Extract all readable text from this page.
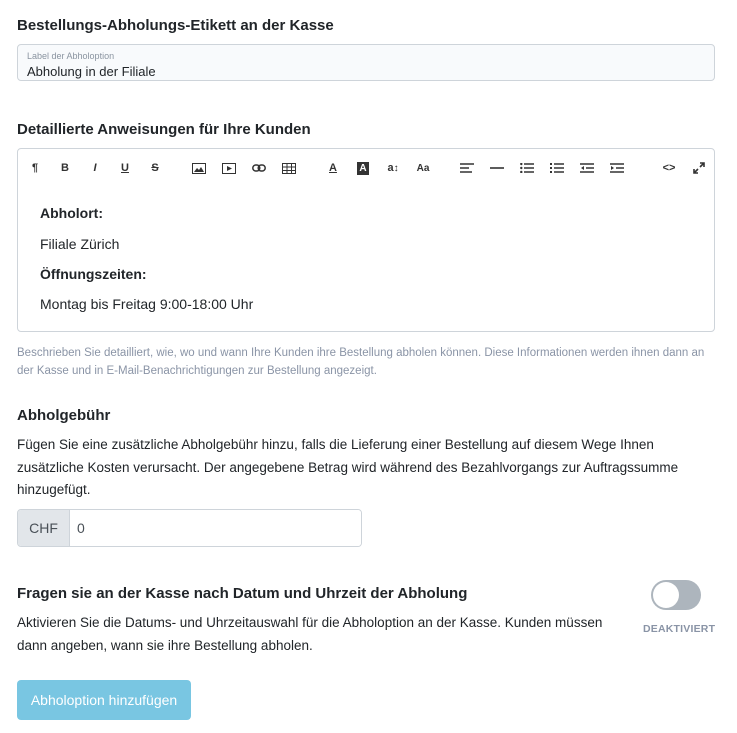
Bestellungs-Abholungs-Etikett an der Kasse
Label der Abholoption
Abholung in der Filiale
Detaillierte Anweisungen für Ihre Kunden
¶	B	I	U	S	A	A a ↕	Aa	<>

Abholort:

Filiale Zürich

Öffnungszeiten:

Montag bis Freitag 9:00-18:00 Uhr

Beschrieben Sie detailliert, wie, wo und wann Ihre Kunden ihre Bestellung abholen können. Diese Informationen werden ihnen dann an der Kasse und in E-Mail-Benachrichtigungen zur Bestellung angezeigt.

Abholgebühr

Fügen Sie eine zusätzliche Abholgebühr hinzu, falls die Lieferung einer Bestellung auf diesem Wege Ihnen zusätzliche Kosten verursacht. Der angegebene Betrag wird während des Bezahlvorgangs zur Auftragssumme hinzugefügt.

CHF
0
Fragen sie an der Kasse nach Datum und Uhrzeit der Abholung

Aktivieren Sie die Datums- und Uhrzeitauswahl für die Abholoption an der Kasse. Kunden müssen dann angeben, wann sie ihre Bestellung abholen.

DEAKTIVIERT
Abholoption hinzufügen
